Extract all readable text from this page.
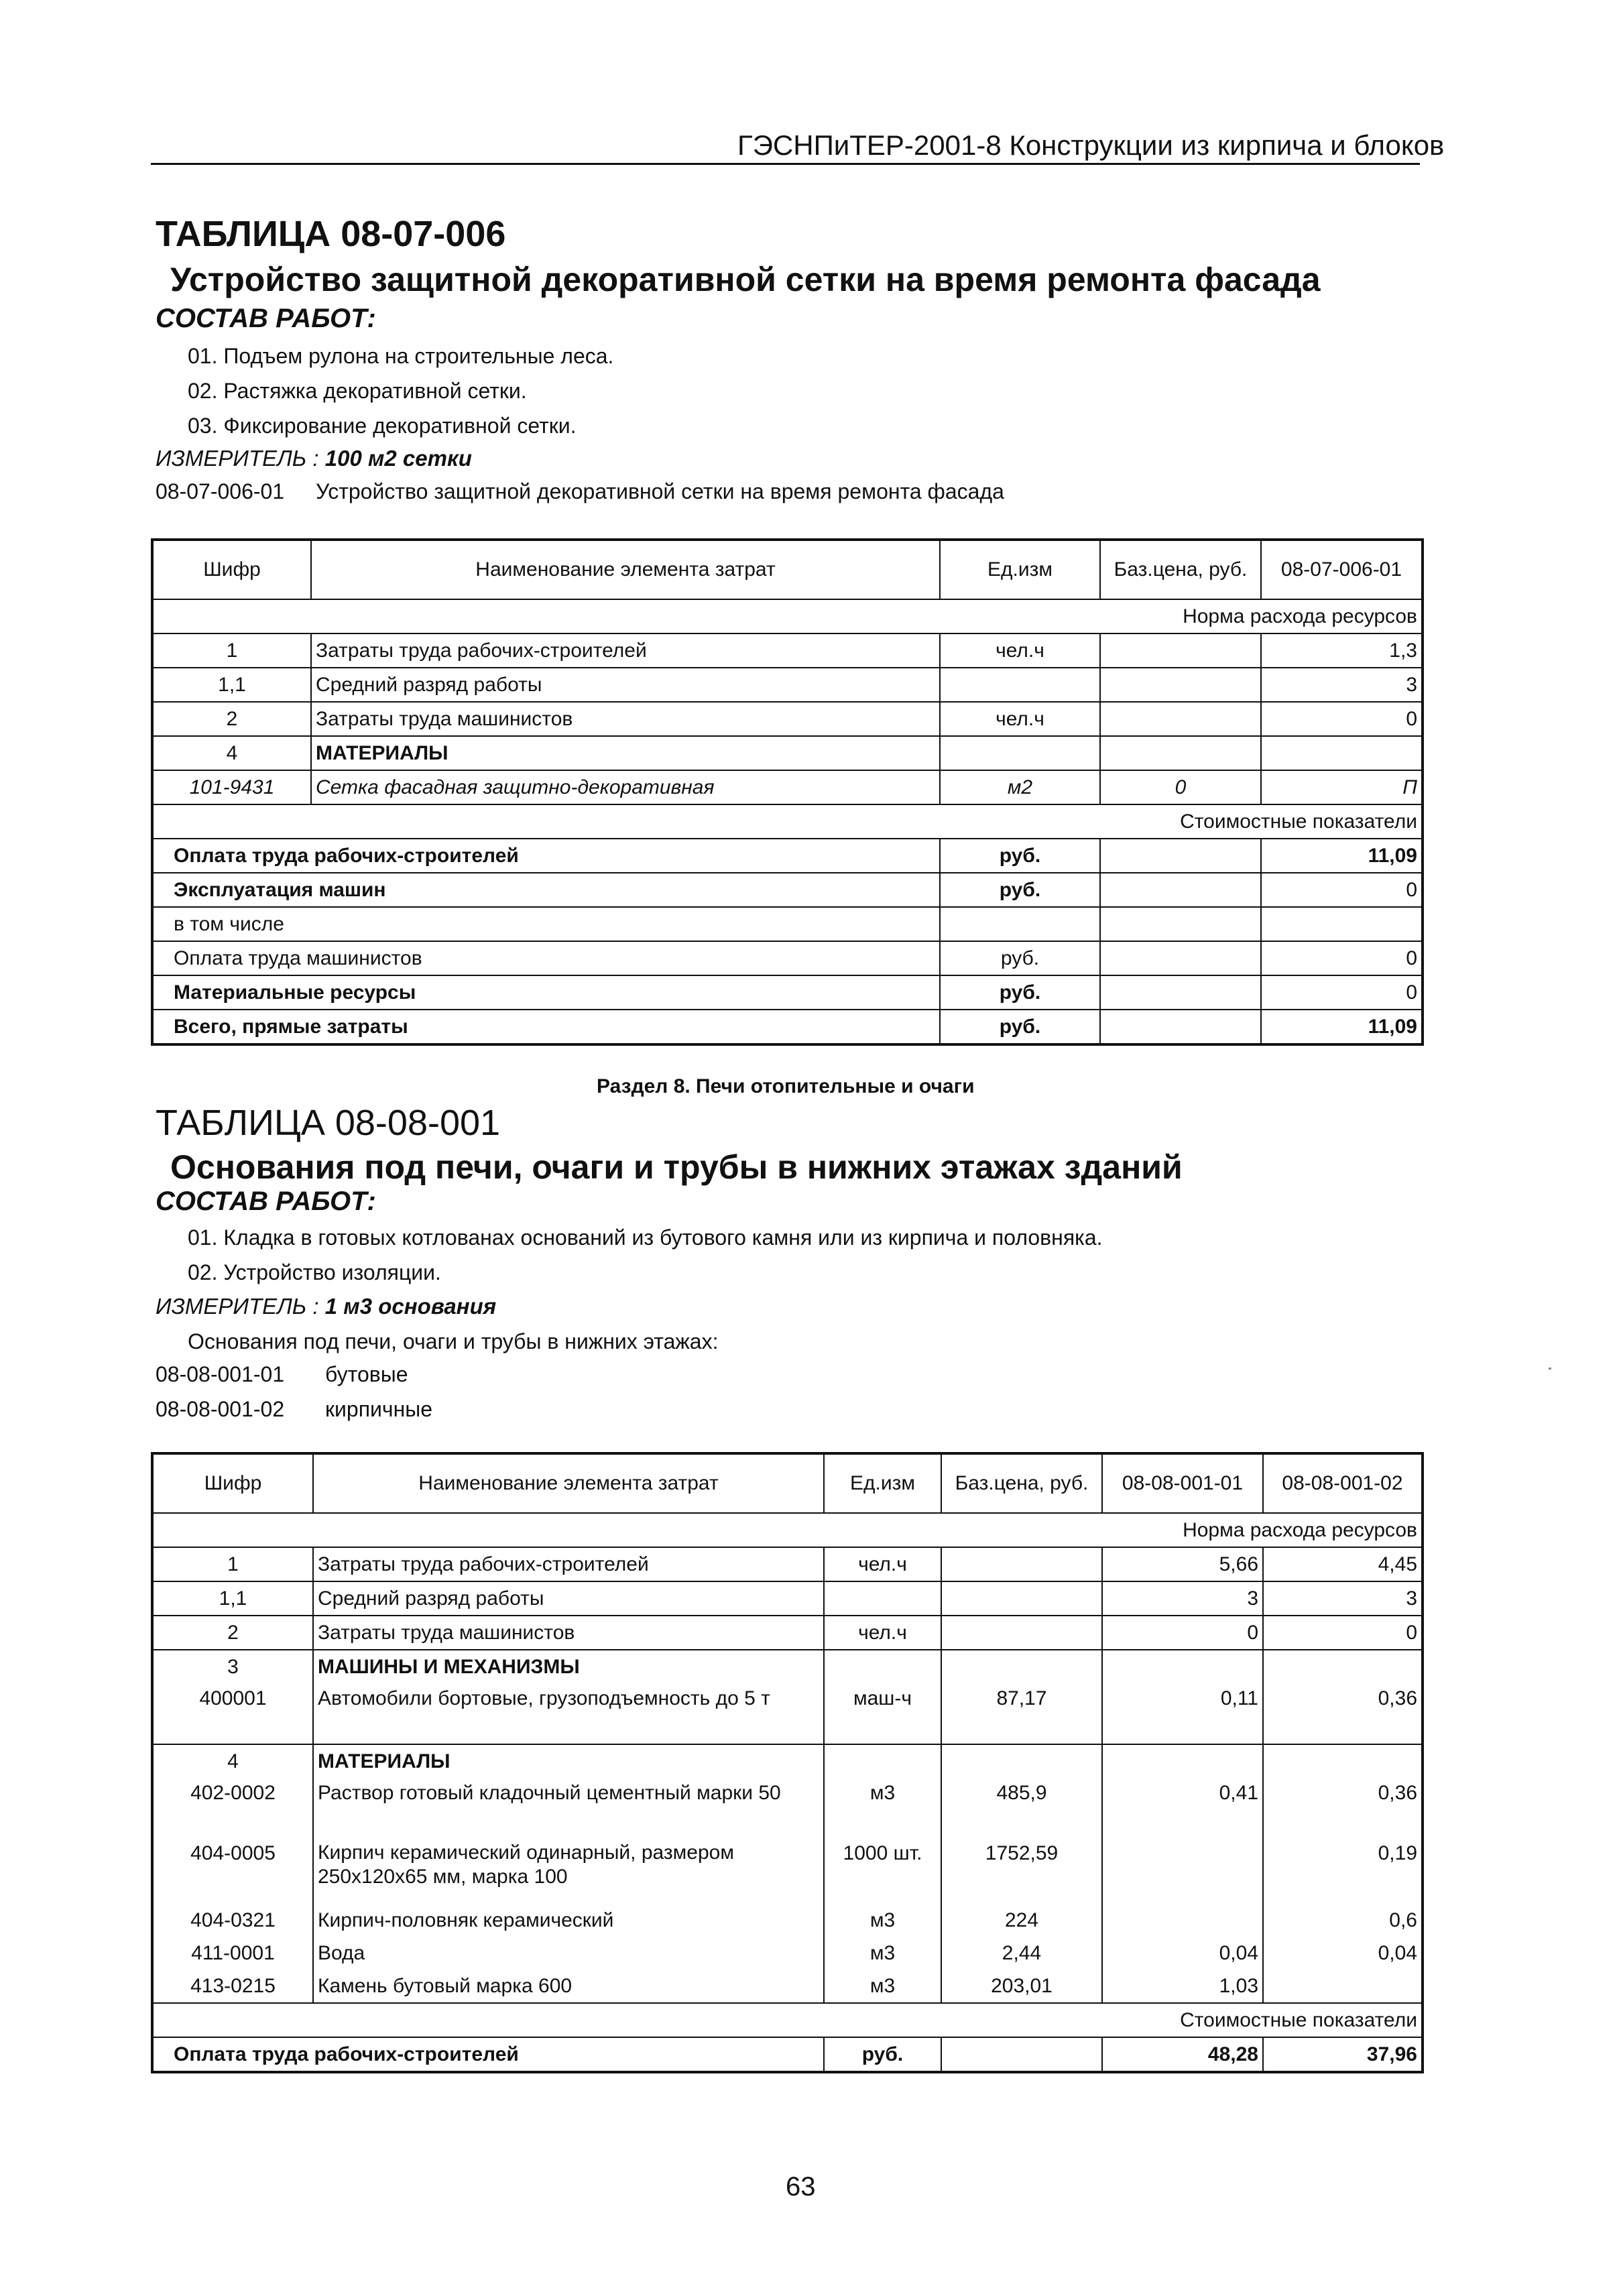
ГЭСНПиТЕР-2001-8 Конструкции из кирпича и блоков
ТАБЛИЦА 08-07-006
Устройство защитной декоративной сетки на время ремонта фасада
СОСТАВ РАБОТ:
01. Подъем рулона на строительные леса.
02. Растяжка декоративной сетки.
03. Фиксирование декоративной сетки.
ИЗМЕРИТЕЛЬ : 100 м2 сетки
08-07-006-01 Устройство защитной декоративной сетки на время ремонта фасада
Шифр	Наименование элемента затрат	Ед.изм	Баз.цена, руб.	08-07-006-01
Норма расхода ресурсов				
1	Затраты труда рабочих-строителей	чел.ч		1,3
1,1	Средний разряд работы			3
2	Затраты труда машинистов	чел.ч		0
4	МАТЕРИАЛЫ			
101-9431	Сетка фасадная защитно-декоративная	м2	0	П
Стоимостные показатели				
Оплата труда рабочих-строителей		руб.		11,09
Эксплуатация машин		руб.		0
в том числе				
Оплата труда машинистов		руб.		0
Материальные ресурсы		руб.		0
Всего, прямые затраты		руб.		11,09
Раздел 8. Печи отопительные и очаги
ТАБЛИЦА 08-08-001
Основания под печи, очаги и трубы в нижних этажах зданий
СОСТАВ РАБОТ:
01. Кладка в готовых котлованах оснований из бутового камня или из кирпича и половняка.
02. Устройство изоляции.
ИЗМЕРИТЕЛЬ : 1 м3 основания
Основания под печи, очаги и трубы в нижних этажах:
08-08-001-01 бутовые
08-08-001-02 кирпичные
Шифр	Наименование элемента затрат	Ед.изм	Баз.цена, руб.	08-08-001-01	08-08-001-02
Норма расхода ресурсов					
1	Затраты труда рабочих-строителей	чел.ч		5,66	4,45
1,1	Средний разряд работы			3	3
2	Затраты труда машинистов	чел.ч		0	0
3	МАШИНЫ И МЕХАНИЗМЫ				
400001	Автомобили бортовые, грузоподъемность до 5 т	маш-ч	87,17	0,11	0,36
4	МАТЕРИАЛЫ				
402-0002	Раствор готовый кладочный цементный марки 50	м3	485,9	0,41	0,36
404-0005	Кирпич керамический одинарный, размером 250х120х65 мм, марка 100	1000 шт.	1752,59		0,19
404-0321	Кирпич-половняк керамический	м3	224		0,6
411-0001	Вода	м3	2,44	0,04	0,04
413-0215	Камень бутовый марка 600	м3	203,01	1,03	
Стоимостные показатели					
Оплата труда рабочих-строителей		руб.		48,28	37,96
63
